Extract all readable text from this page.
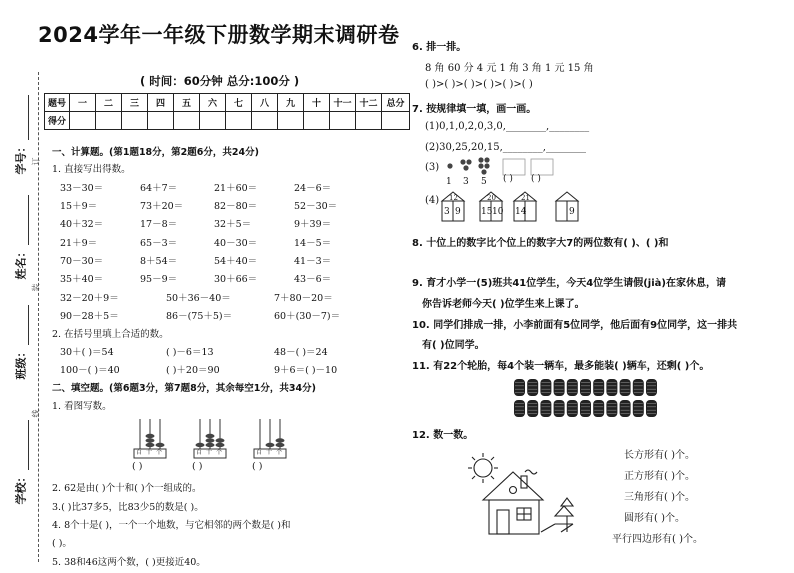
2024学年一年级下册数学期末调研卷
( 时间：60分钟 总分:100分 )
学号：
姓名：
班级：
学校：
装
订
线
题号	一	二	三	四	五	六	七	八	九	十	十一	十二	总分
得分													
一、计算题。(第1题18分，第2题6分，共24分)
1. 直接写出得数。
33－30＝	64＋7＝	21＋60＝	24－6＝
15＋9＝	73＋20＝	82－80＝	52－30＝
40＋32＝	17－8＝	32＋5＝	9＋39＝
21＋9＝	65－3＝	40－30＝	14－5＝
70－30＝	8＋54＝	54＋40＝	41－3＝
35＋40＝	95－9＝	30＋66＝	43－6＝
32－20＋9＝	50＋36－40＝	7＋80－20＝
90－28＋5＝	86－(75＋5)＝	60＋(30－7)＝
2. 在括号里填上合适的数。
30＋( )＝54	( )－6＝13	48－( )＝24
100－( )＝40	( )＋20＝90	9＋6＝( )－10
二、填空题。(第6题3分，第7题8分，其余每空1分，共34分)
1. 看图写数。
百 十 个	百 十 个	百 十 个
( )	( )	( )
2. 62是由( )个十和( )个一组成的。
3.( )比37多5，比83少5的数是( )。
4. 8个十是( )，一个一个地数，与它相邻的两个数是( )和
( )。
5. 38和46这两个数，( )更接近40。
6. 排一排。
8 角 60 分 4 元 1 角 3 角 1 元 15 角
( )>( )>( )>( )>( )>( )
7. 按规律填一填，画一画。
(1)0,1,0,2,0,3,0,________,________
(2)30,25,20,15,________,________
(3)
1 3 5 ( ) ( )
(4) 12
3 9
20
15 10
21
14	9
8. 十位上的数字比个位上的数字大7的两位数有( )、( )和
9. 育才小学一(5)班共41位学生，今天4位学生请假(jià)在家休息，请
你告诉老师今天( )位学生来上课了。
10. 同学们排成一排，小李前面有5位同学，他后面有9位同学，这一排共
有( )位同学。
11. 有22个轮胎，每4个装一辆车，最多能装( )辆车，还剩( )个。
12. 数一数。
长方形有( )个。
正方形有( )个。
三角形有( )个。
圆形有( )个。
平行四边形有( )个。
